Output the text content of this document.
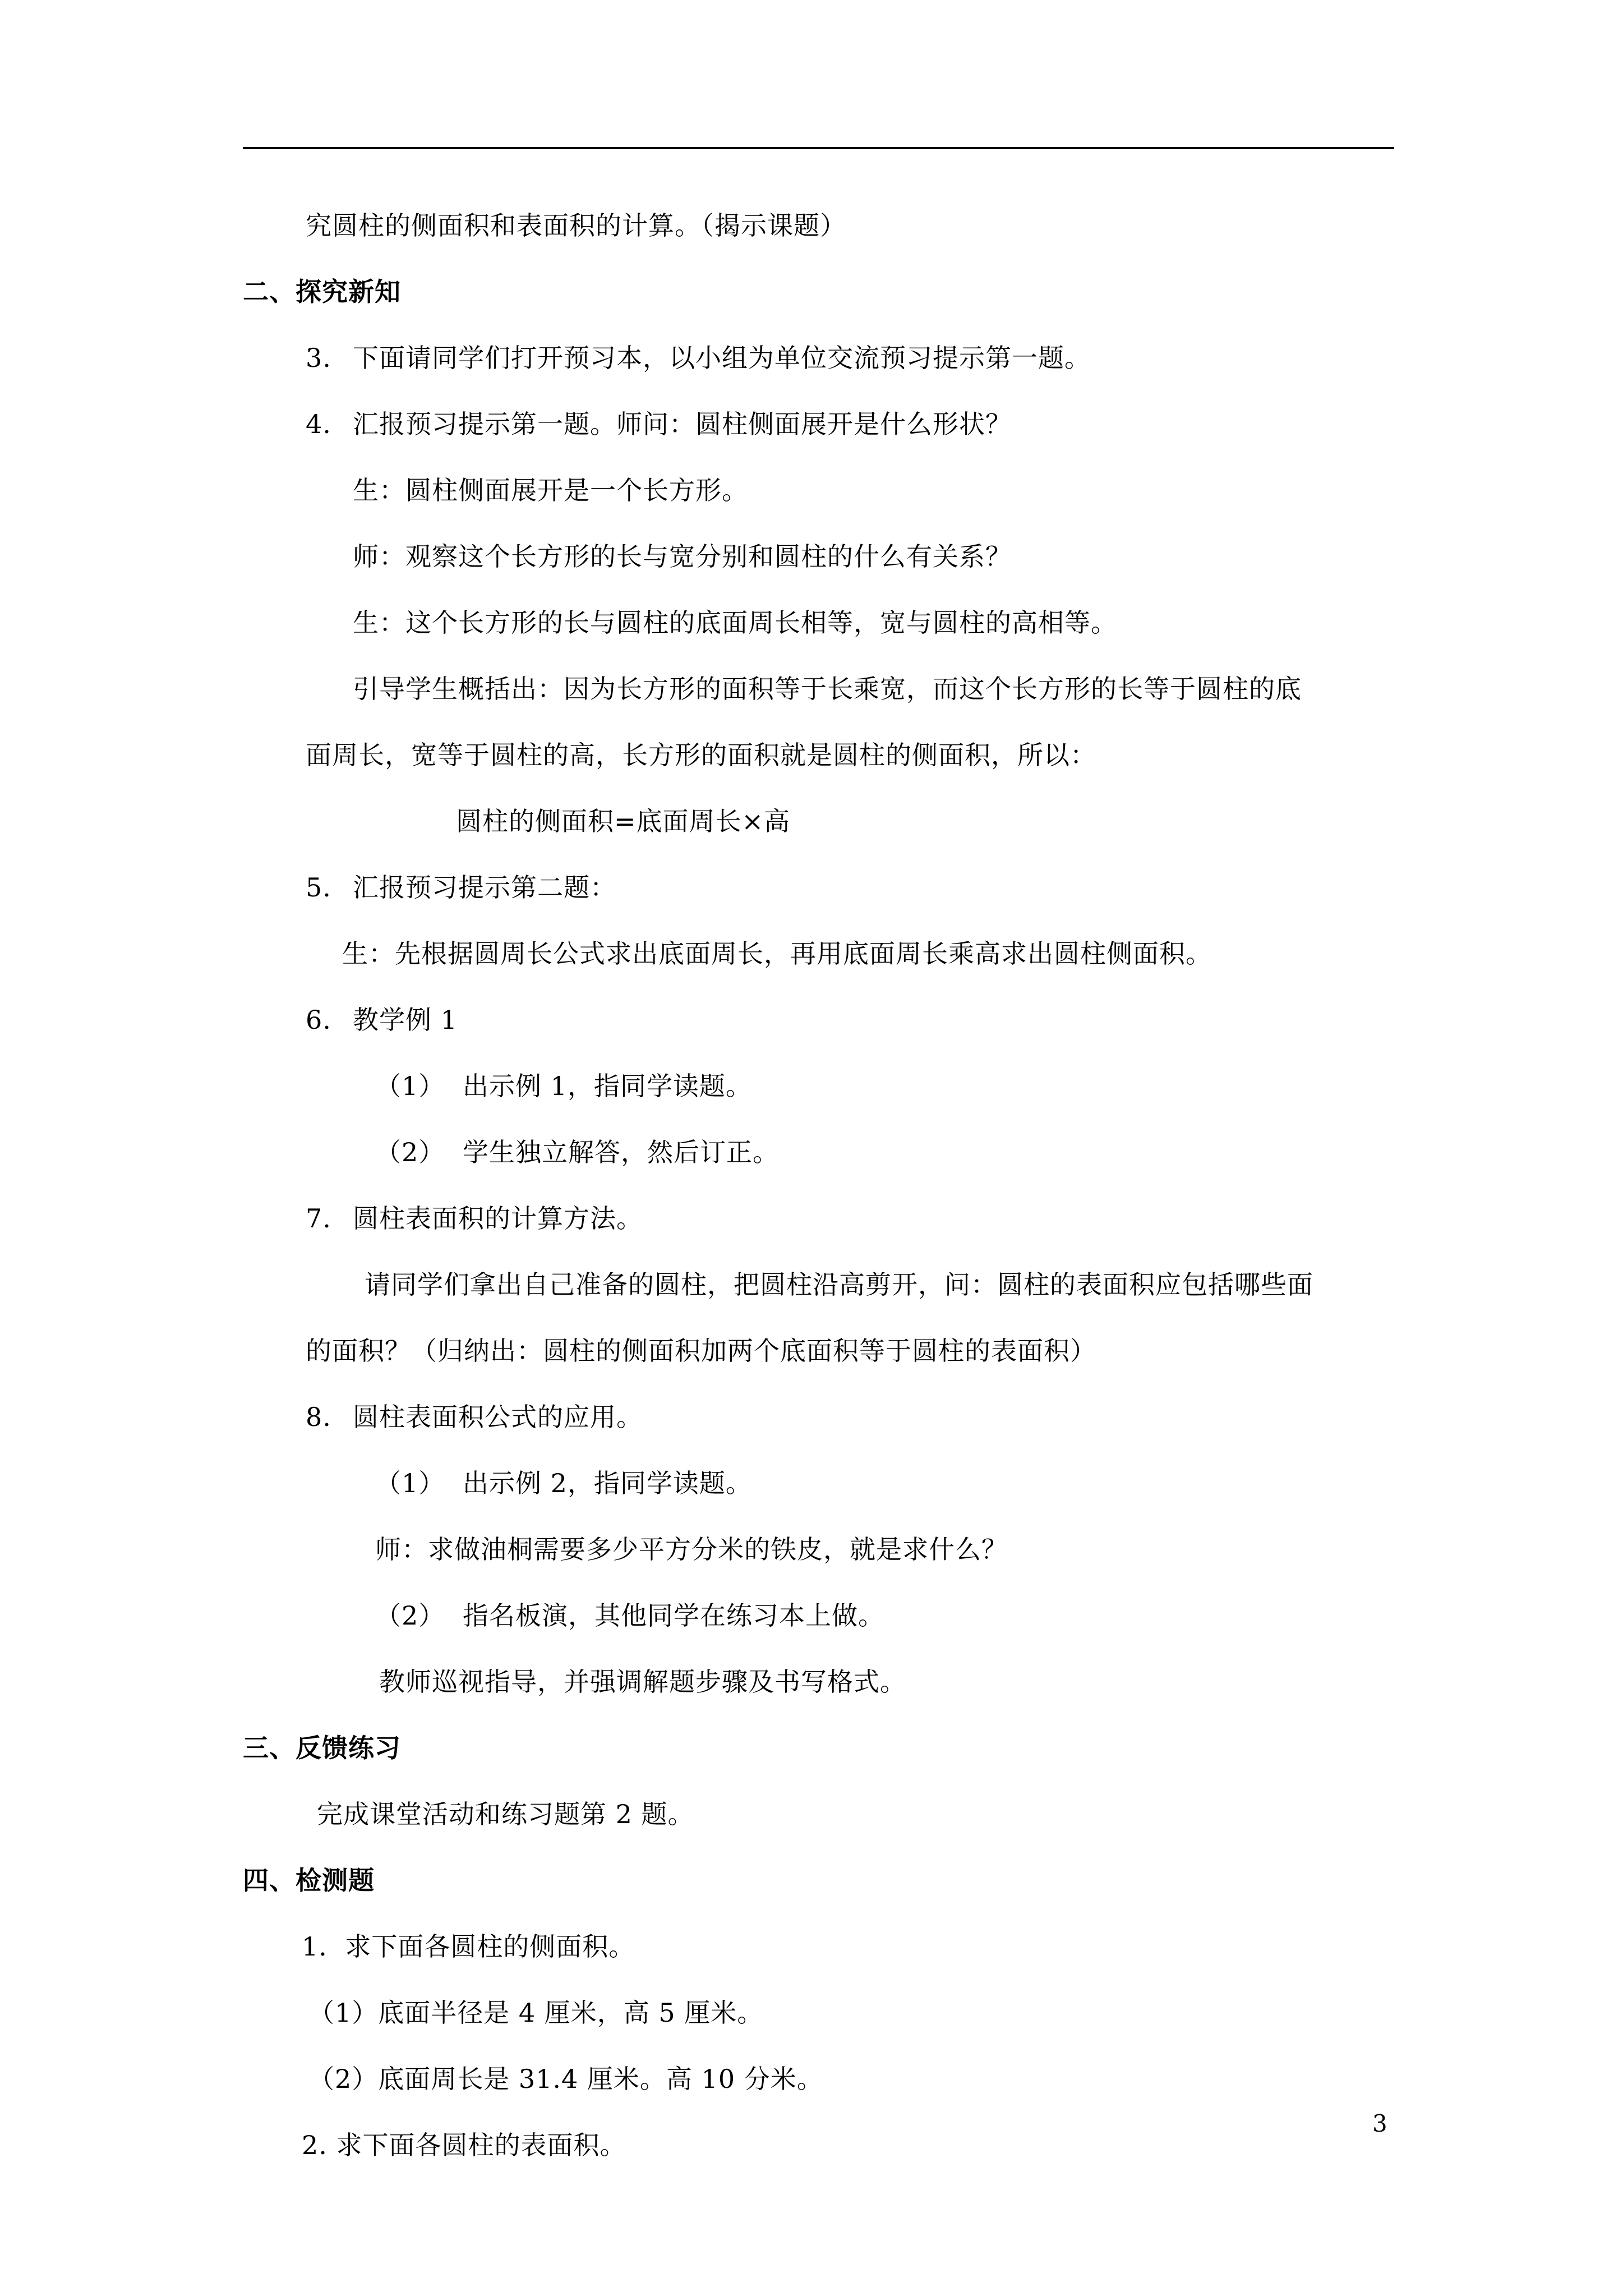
究圆柱的侧面积和表面积的计算。（揭示课题）
二、探究新知
3. 下面请同学们打开预习本，以小组为单位交流预习提示第一题。
4. 汇报预习提示第一题。师问：圆柱侧面展开是什么形状？
生：圆柱侧面展开是一个长方形。
师：观察这个长方形的长与宽分别和圆柱的什么有关系？
生：这个长方形的长与圆柱的底面周长相等，宽与圆柱的高相等。
引导学生概括出：因为长方形的面积等于长乘宽，而这个长方形的长等于圆柱的底
面周长，宽等于圆柱的高，长方形的面积就是圆柱的侧面积，所以：
圆柱的侧面积=底面周长×高
5. 汇报预习提示第二题：
生：先根据圆周长公式求出底面周长，再用底面周长乘高求出圆柱侧面积。
6. 教学例 1
（1） 出示例 1，指同学读题。
（2） 学生独立解答，然后订正。
7. 圆柱表面积的计算方法。
请同学们拿出自己准备的圆柱，把圆柱沿高剪开，问：圆柱的表面积应包括哪些面
的面积？（归纳出：圆柱的侧面积加两个底面积等于圆柱的表面积）
8. 圆柱表面积公式的应用。
（1） 出示例 2，指同学读题。
师：求做油桐需要多少平方分米的铁皮，就是求什么？
（2） 指名板演，其他同学在练习本上做。
教师巡视指导，并强调解题步骤及书写格式。
三、反馈练习
完成课堂活动和练习题第 2 题。
四、检测题
1．求下面各圆柱的侧面积。
（1）底面半径是 4 厘米，高 5 厘米。
（2）底面周长是 31.4 厘米。高 10 分米。
2. 求下面各圆柱的表面积。
3
